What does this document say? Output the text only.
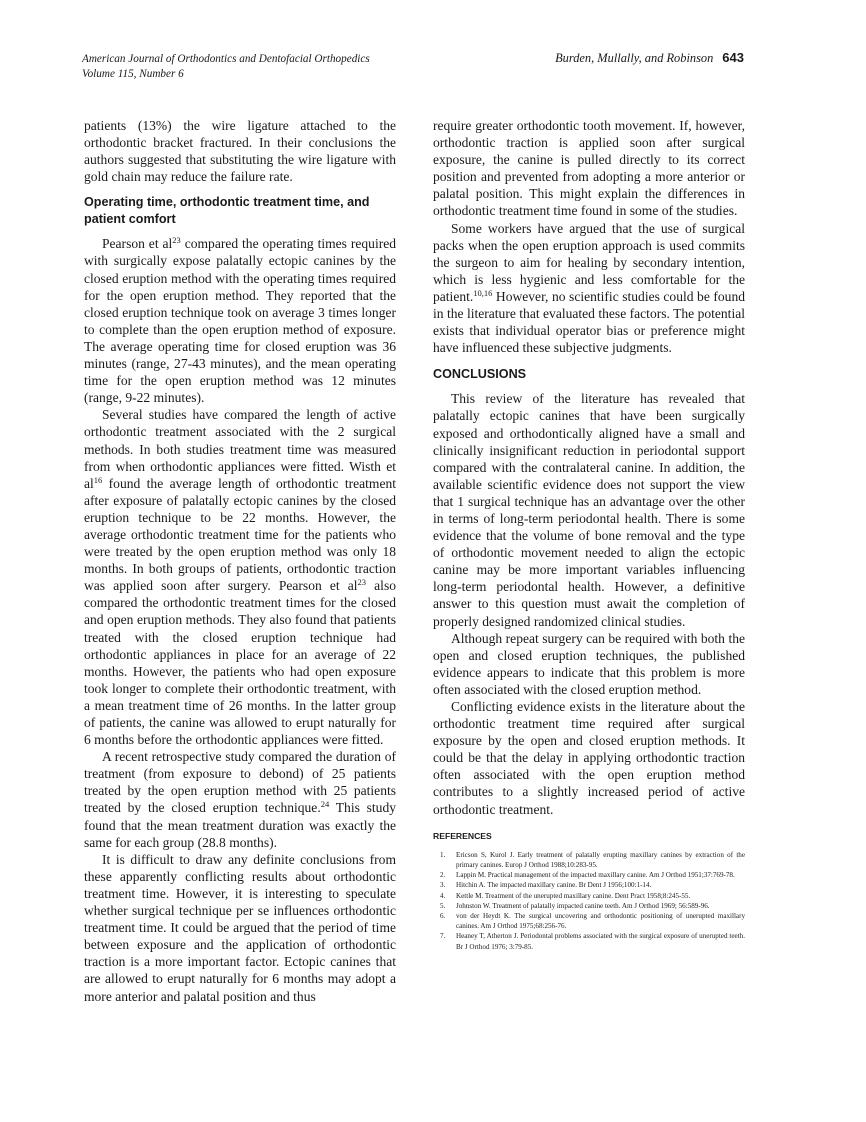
American Journal of Orthodontics and Dentofacial Orthopedics
Volume 115, Number 6
Burden, Mullally, and Robinson 643

patients (13%) the wire ligature attached to the orthodontic bracket fractured. In their conclusions the authors suggested that substituting the wire ligature with gold chain may reduce the failure rate.

Operating time, orthodontic treatment time, and patient comfort

Pearson et $al^{23}$ compared the operating times required with surgically expose palatally ectopic canines by the closed eruption method with the operating times required for the open eruption method. They reported that the closed eruption technique took on average 3 times longer to complete than the open eruption method of exposure. The average operating time for closed eruption was 36 minutes (range, 27-43 minutes), and the mean operating time for the open eruption method was 12 minutes (range, 9-22 minutes).

Several studies have compared the length of active orthodontic treatment associated with the 2 surgical methods. In both studies treatment time was measured from when orthodontic appliances were fitted. Wisth et $al^{16}$ found the average length of orthodontic treatment after exposure of palatally ectopic canines by the closed eruption technique to be 22 months. However, the average orthodontic treatment time for the patients who were treated by the open eruption method was only 18 months. In both groups of patients, orthodontic traction was applied soon after surgery. Pearson et $al^{23}$ also compared the orthodontic treatment times for the closed and open eruption methods. They also found that patients treated with the closed eruption technique had orthodontic appliances in place for an average of 22 months. However, the patients who had open exposure took longer to complete their orthodontic treatment, with a mean treatment time of 26 months. In the latter group of patients, the canine was allowed to erupt naturally for 6 months before the orthodontic appliances were fitted.

A recent retrospective study compared the duration of treatment (from exposure to debond) of 25 patients treated by the open eruption method with 25 patients treated by the closed eruption technique.$^{24}$ This study found that the mean treatment duration was exactly the same for each group (28.8 months).

It is difficult to draw any definite conclusions from these apparently conflicting results about orthodontic treatment time. However, it is interesting to speculate whether surgical technique per se influences orthodontic treatment time. It could be argued that the period of time between exposure and the application of orthodontic traction is a more important factor. Ectopic canines that are allowed to erupt naturally for 6 months may adopt a more anterior and palatal position and thus

require greater orthodontic tooth movement. If, however, orthodontic traction is applied soon after surgical exposure, the canine is pulled directly to its correct position and prevented from adopting a more anterior or palatal position. This might explain the differences in orthodontic treatment time found in some of the studies.

Some workers have argued that the use of surgical packs when the open eruption approach is used commits the surgeon to aim for healing by secondary intention, which is less hygienic and less comfortable for the patient.$^{10,16}$ However, no scientific studies could be found in the literature that evaluated these factors. The potential exists that individual operator bias or preference might have influenced these subjective judgments.

CONCLUSIONS

This review of the literature has revealed that palatally ectopic canines that have been surgically exposed and orthodontically aligned have a small and clinically insignificant reduction in periodontal support compared with the contralateral canine. In addition, the available scientific evidence does not support the view that 1 surgical technique has an advantage over the other in terms of long-term periodontal health. There is some evidence that the volume of bone removal and the type of orthodontic movement needed to align the ectopic canine may be more important variables influencing long-term periodontal health. However, a definitive answer to this question must await the completion of properly designed randomized clinical studies.

Although repeat surgery can be required with both the open and closed eruption techniques, the published evidence appears to indicate that this problem is more often associated with the closed eruption method.

Conflicting evidence exists in the literature about the orthodontic treatment time required after surgical exposure by the open and closed eruption methods. It could be that the delay in applying orthodontic traction often associated with the open eruption method contributes to a slightly increased period of active orthodontic treatment.

REFERENCES
1. Ericson S, Kurol J. Early treatment of palatally erupting maxillary canines by extraction of the primary canines. Europ J Orthod 1988;10:283-95.
2. Lappin M. Practical management of the impacted maxillary canine. Am J Orthod 1951;37:769-78.
3. Hitchin A. The impacted maxillary canine. Br Dent J 1956;100:1-14.
4. Kettle M. Treatment of the unerupted maxillary canine. Dent Pract 1958;8:245-55.
5. Johnston W. Treatment of palatally impacted canine teeth. Am J Orthod 1969; 56:589-96.
6. von der Heydt K. The surgical uncovering and orthodontic positioning of unerupted maxillary canines. Am J Orthod 1975;68:256-76.
7. Heaney T, Atherton J. Periodontal problems associated with the surgical exposure of unerupted teeth. Br J Orthod 1976; 3:79-85.
